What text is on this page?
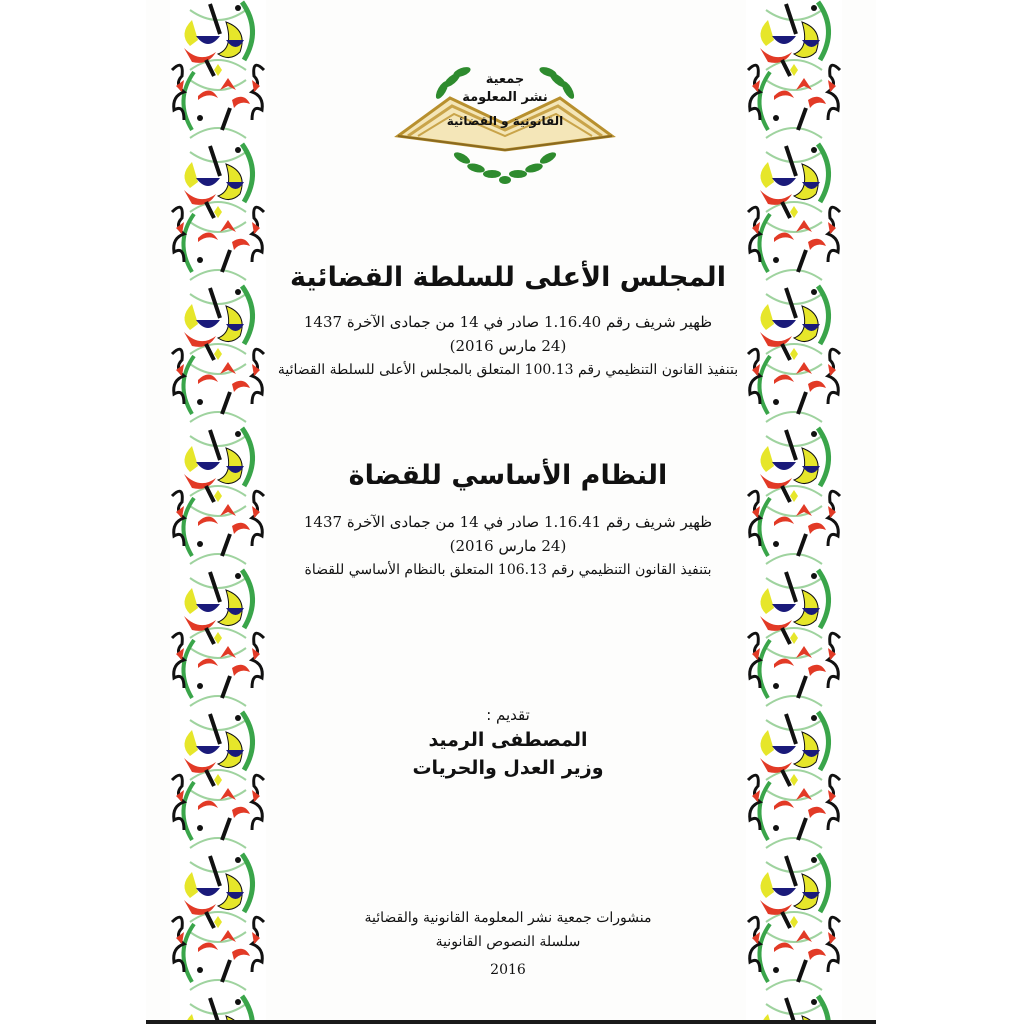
جمعية
نشر المعلومة
القانونية و القضائية
المجلس الأعلى للسلطة القضائية
ظهير شريف رقم 1.16.40 صادر في 14 من جمادى الآخرة 1437
(24 مارس 2016)
بتنفيذ القانون التنظيمي رقم 100.13 المتعلق بالمجلس الأعلى للسلطة القضائية
النظام الأساسي للقضاة
ظهير شريف رقم 1.16.41 صادر في 14 من جمادى الآخرة 1437
(24 مارس 2016)
بتنفيذ القانون التنظيمي رقم 106.13 المتعلق بالنظام الأساسي للقضاة
تقديم :
المصطفى الرميد
وزير العدل والحريات
منشورات جمعية نشر المعلومة القانونية والقضائية
سلسلة النصوص القانونية
2016
